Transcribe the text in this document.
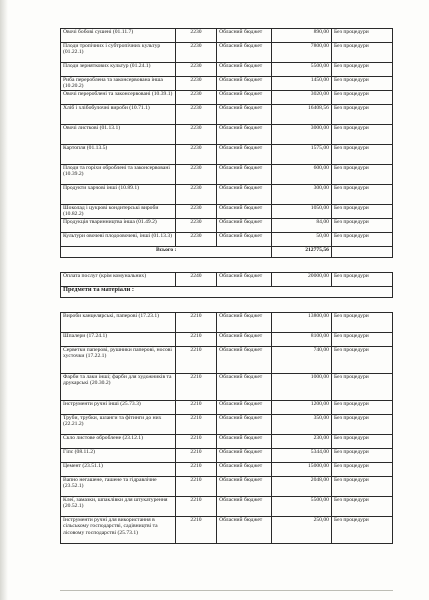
Овочі бобові сушені (01.11.7)	2230	Обласний бюджет	890,00	Без процедури
Плоди тропічних і субтропічних культур (01.22.1)	2230	Обласний бюджет	7800,00	Без процедури
Плоди зерняткових культур (01.24.1)	2230	Обласний бюджет	5500,00	Без процедури
Риба перероблена та законсервована інша (10.20.2)	2230	Обласний бюджет	1450,00	Без процедури
Овочі перероблені та законсервовані (10.39.1)	2230	Обласний бюджет	3020,00	Без процедури
Хліб і хлібобулочні вироби (10.71.1)	2230	Обласний бюджет	16408,56	Без процедури
Овочі листкові (01.13.1)	2230	Обласний бюджет	3000,00	Без процедури
Картопля (01.13.5)	2230	Обласний бюджет	1575,00	Без процедури
Плоди та горіхи оброблені та законсервовані (10.39.2)	2230	Обласний бюджет	600,00	Без процедури
Продукти харчові інші (10.89.1)	2230	Обласний бюджет	300,00	Без процедури
Шоколад і цукрові кондитерські вироби (10.82.2)	2230	Обласний бюджет	1050,00	Без процедури
Продукція тваринництва інша (01.49.2)	2230	Обласний бюджет	84,00	Без процедури
Культури овочеві плодоовочеві, інші (01.13.3)	2230	Обласний бюджет	50,00	Без процедури
Всього :			212775,56	

Оплата послуг (крім комунальних)	2240	Обласний бюджет	20000,00	Без процедури
Предмети та матеріали :				

Вироби канцелярські, паперові (17.23.1)	2210	Обласний бюджет	13800,00	Без процедури
Шпалери (17.24.1)	2210	Обласний бюджет	8100,00	Без процедури
Серветки паперові, рушники паперові, носові хусточки (17.22.1)	2210	Обласний бюджет	740,00	Без процедури
Фарби та лаки інші; фарби для художників та друкарські (20.30.2)	2210	Обласний бюджет	1000,00	Без процедури
Інструменти ручні інші (25.73.3)	2210	Обласний бюджет	1200,00	Без процедури
Труби, трубки, шланги та фітинги до них (22.21.2)	2210	Обласний бюджет	350,00	Без процедури
Скло листове оброблене (23.12.1)	2210	Обласний бюджет	230,00	Без процедури
Гіпс (08.11.2)	2210	Обласний бюджет	5344,00	Без процедури
Цемент (23.51.1)	2210	Обласний бюджет	15000,00	Без процедури
Вапно негашене, гашене та гідравлічне (23.52.1)	2210	Обласний бюджет	2048,00	Без процедури
Клеї, замазки, шпаклівки для штукатурення (20.52.1)	2210	Обласний бюджет	5500,00	Без процедури
Інструменти ручні для використання в сільському господарстві, садівництві та лісовому господарстві (25.73.1)	2210	Обласний бюджет	250,00	Без процедури
